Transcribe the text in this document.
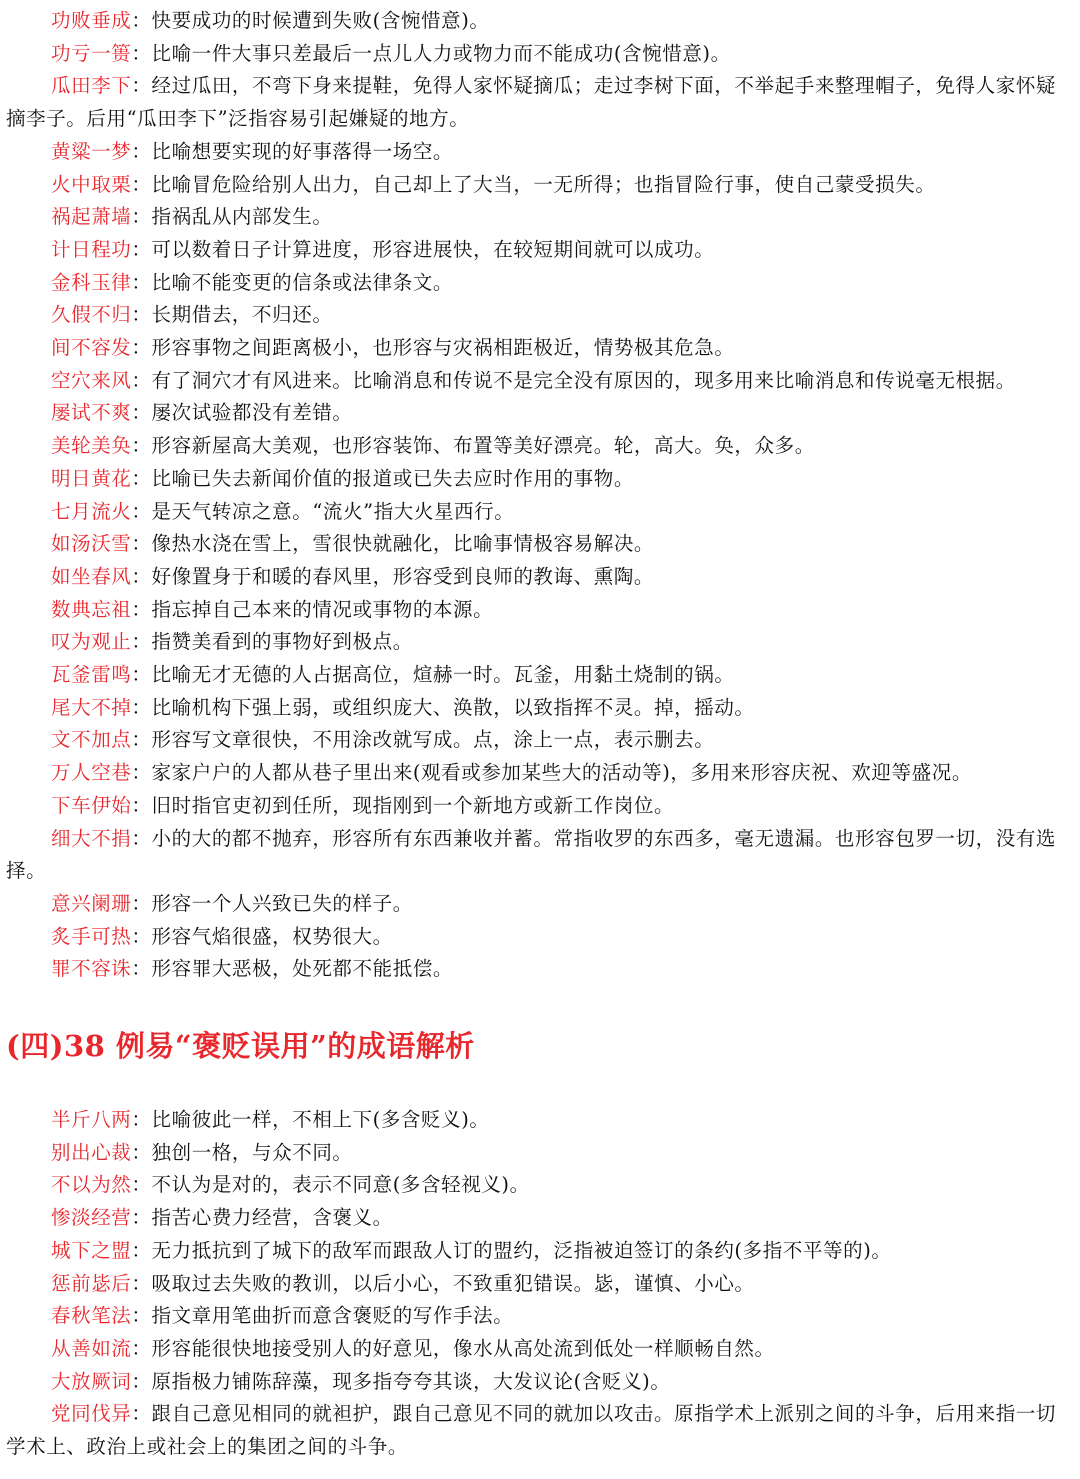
功败垂成：快要成功的时候遭到失败(含惋惜意)。

功亏一篑：比喻一件大事只差最后一点儿人力或物力而不能成功(含惋惜意)。

瓜田李下：经过瓜田，不弯下身来提鞋，免得人家怀疑摘瓜；走过李树下面，不举起手来整理帽子，免得人家怀疑摘李子。后用“瓜田李下”泛指容易引起嫌疑的地方。

黄粱一梦：比喻想要实现的好事落得一场空。

火中取栗：比喻冒危险给别人出力，自己却上了大当，一无所得；也指冒险行事，使自己蒙受损失。

祸起萧墙：指祸乱从内部发生。

计日程功：可以数着日子计算进度，形容进展快，在较短期间就可以成功。

金科玉律：比喻不能变更的信条或法律条文。

久假不归：长期借去，不归还。

间不容发：形容事物之间距离极小，也形容与灾祸相距极近，情势极其危急。

空穴来风：有了洞穴才有风进来。比喻消息和传说不是完全没有原因的，现多用来比喻消息和传说毫无根据。

屡试不爽：屡次试验都没有差错。

美轮美奂：形容新屋高大美观，也形容装饰、布置等美好漂亮。轮，高大。奂，众多。

明日黄花：比喻已失去新闻价值的报道或已失去应时作用的事物。

七月流火：是天气转凉之意。“流火”指大火星西行。

如汤沃雪：像热水浇在雪上，雪很快就融化，比喻事情极容易解决。

如坐春风：好像置身于和暖的春风里，形容受到良师的教诲、熏陶。

数典忘祖：指忘掉自己本来的情况或事物的本源。

叹为观止：指赞美看到的事物好到极点。

瓦釜雷鸣：比喻无才无德的人占据高位，煊赫一时。瓦釜，用黏土烧制的锅。

尾大不掉：比喻机构下强上弱，或组织庞大、涣散，以致指挥不灵。掉，摇动。

文不加点：形容写文章很快，不用涂改就写成。点，涂上一点，表示删去。

万人空巷：家家户户的人都从巷子里出来(观看或参加某些大的活动等)，多用来形容庆祝、欢迎等盛况。

下车伊始：旧时指官吏初到任所，现指刚到一个新地方或新工作岗位。

细大不捐：小的大的都不抛弃，形容所有东西兼收并蓄。常指收罗的东西多，毫无遗漏。也形容包罗一切，没有选择。

意兴阑珊：形容一个人兴致已失的样子。

炙手可热：形容气焰很盛，权势很大。

罪不容诛：形容罪大恶极，处死都不能抵偿。

(四)38 例易“褒贬误用”的成语解析

半斤八两：比喻彼此一样，不相上下(多含贬义)。

别出心裁：独创一格，与众不同。

不以为然：不认为是对的，表示不同意(多含轻视义)。

惨淡经营：指苦心费力经营，含褒义。

城下之盟：无力抵抗到了城下的敌军而跟敌人订的盟约，泛指被迫签订的条约(多指不平等的)。

惩前毖后：吸取过去失败的教训，以后小心，不致重犯错误。毖，谨慎、小心。

春秋笔法：指文章用笔曲折而意含褒贬的写作手法。

从善如流：形容能很快地接受别人的好意见，像水从高处流到低处一样顺畅自然。

大放厥词：原指极力铺陈辞藻，现多指夸夸其谈，大发议论(含贬义)。

党同伐异：跟自己意见相同的就袒护，跟自己意见不同的就加以攻击。原指学术上派别之间的斗争，后用来指一切学术上、政治上或社会上的集团之间的斗争。
